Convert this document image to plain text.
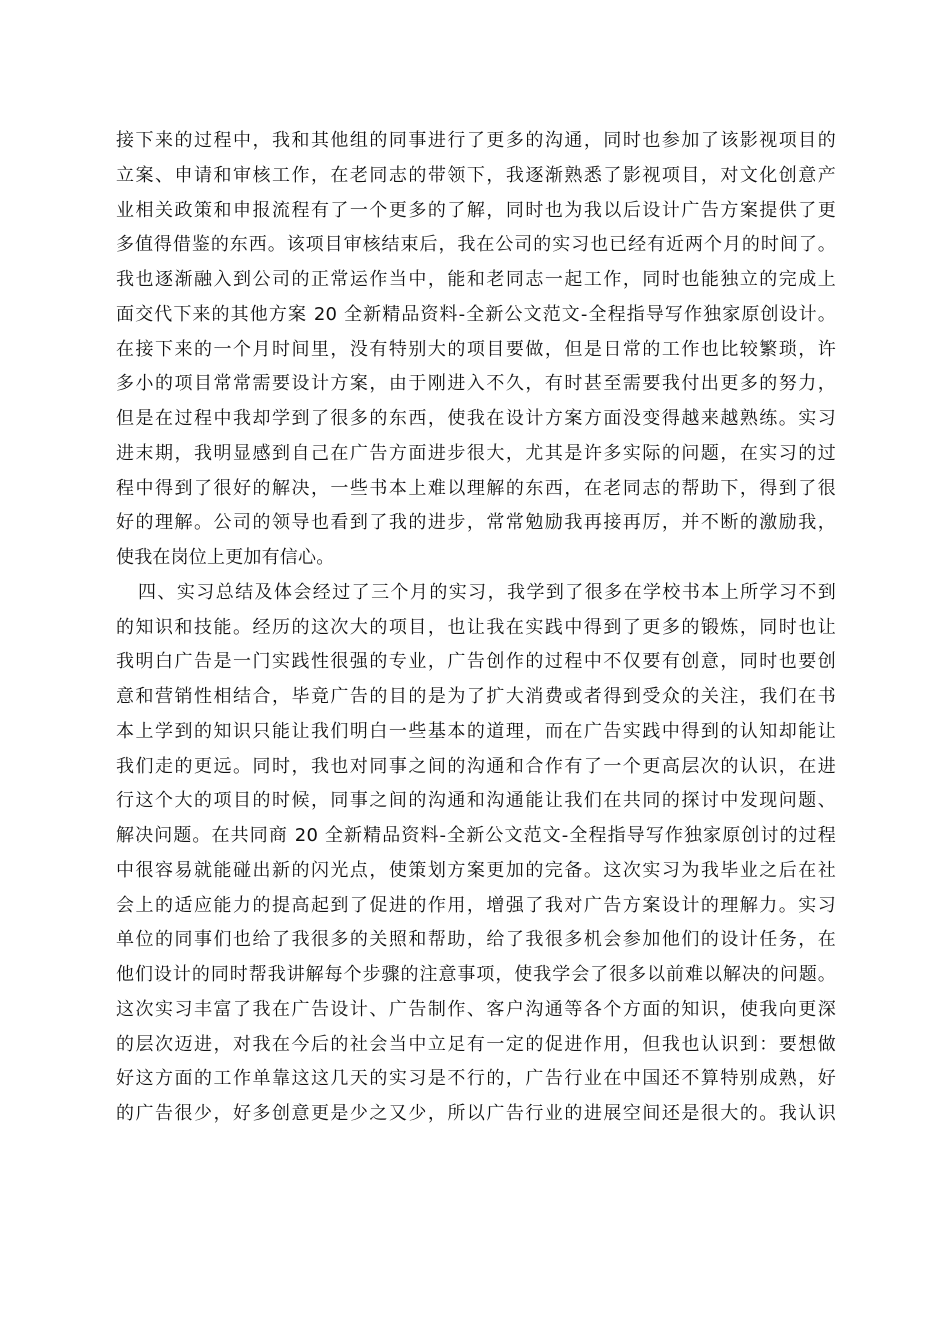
接下来的过程中，我和其他组的同事进行了更多的沟通，同时也参加了该影视项目的
立案、申请和审核工作，在老同志的带领下，我逐渐熟悉了影视项目，对文化创意产
业相关政策和申报流程有了一个更多的了解，同时也为我以后设计广告方案提供了更
多值得借鉴的东西。该项目审核结束后，我在公司的实习也已经有近两个月的时间了。
我也逐渐融入到公司的正常运作当中，能和老同志一起工作，同时也能独立的完成上
面交代下来的其他方案 20 全新精品资料-全新公文范文-全程指导写作独家原创设计。
在接下来的一个月时间里，没有特别大的项目要做，但是日常的工作也比较繁琐，许
多小的项目常常需要设计方案，由于刚进入不久，有时甚至需要我付出更多的努力，
但是在过程中我却学到了很多的东西，使我在设计方案方面没变得越来越熟练。实习
进末期，我明显感到自己在广告方面进步很大，尤其是许多实际的问题，在实习的过
程中得到了很好的解决，一些书本上难以理解的东西，在老同志的帮助下，得到了很
好的理解。公司的领导也看到了我的进步，常常勉励我再接再厉，并不断的激励我，
使我在岗位上更加有信心。
四、实习总结及体会经过了三个月的实习，我学到了很多在学校书本上所学习不到
的知识和技能。经历的这次大的项目，也让我在实践中得到了更多的锻炼，同时也让
我明白广告是一门实践性很强的专业，广告创作的过程中不仅要有创意，同时也要创
意和营销性相结合，毕竟广告的目的是为了扩大消费或者得到受众的关注，我们在书
本上学到的知识只能让我们明白一些基本的道理，而在广告实践中得到的认知却能让
我们走的更远。同时，我也对同事之间的沟通和合作有了一个更高层次的认识，在进
行这个大的项目的时候，同事之间的沟通和沟通能让我们在共同的探讨中发现问题、
解决问题。在共同商 20 全新精品资料-全新公文范文-全程指导写作独家原创讨的过程
中很容易就能碰出新的闪光点，使策划方案更加的完备。这次实习为我毕业之后在社
会上的适应能力的提高起到了促进的作用，增强了我对广告方案设计的理解力。实习
单位的同事们也给了我很多的关照和帮助，给了我很多机会参加他们的设计任务，在
他们设计的同时帮我讲解每个步骤的注意事项，使我学会了很多以前难以解决的问题。
这次实习丰富了我在广告设计、广告制作、客户沟通等各个方面的知识，使我向更深
的层次迈进，对我在今后的社会当中立足有一定的促进作用，但我也认识到：要想做
好这方面的工作单靠这这几天的实习是不行的，广告行业在中国还不算特别成熟，好
的广告很少，好多创意更是少之又少，所以广告行业的进展空间还是很大的。我认识
